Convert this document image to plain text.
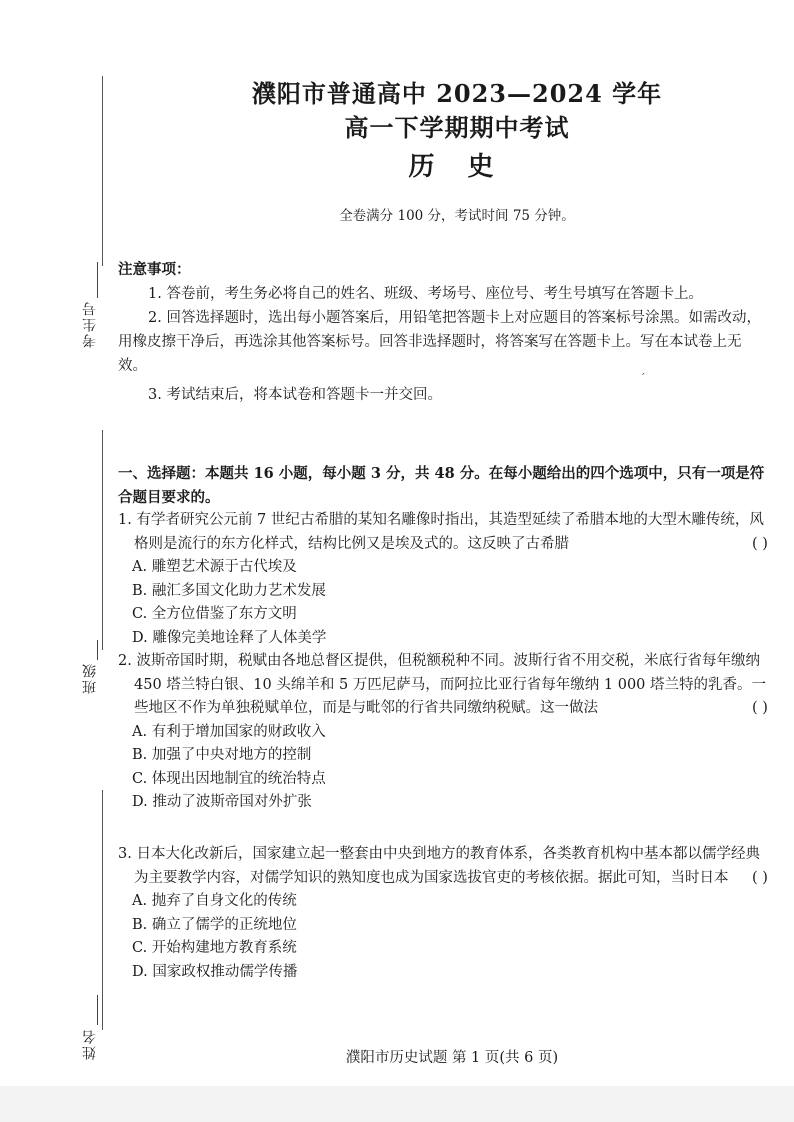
考生号
班级
姓名
濮阳市普通高中 2023—2024 学年
高一下学期期中考试
历 史
全卷满分 100 分，考试时间 75 分钟。
注意事项：

1. 答卷前，考生务必将自己的姓名、班级、考场号、座位号、考生号填写在答题卡上。

2. 回答选择题时，选出每小题答案后，用铅笔把答题卡上对应题目的答案标号涂黑。如需改动，用橡皮擦干净后，再选涂其他答案标号。回答非选择题时，将答案写在答题卡上。写在本试卷上无效。

3. 考试结束后，将本试卷和答题卡一并交回。

ˊ
一、选择题：本题共 16 小题，每小题 3 分，共 48 分。在每小题给出的四个选项中，只有一项是符合题目要求的。
1. 有学者研究公元前 7 世纪古希腊的某知名雕像时指出，其造型延续了希腊本地的大型木雕传统，风格则是流行的东方化样式，结构比例又是埃及式的。这反映了古希腊	( )
A. 雕塑艺术源于古代埃及
B. 融汇多国文化助力艺术发展
C. 全方位借鉴了东方文明
D. 雕像完美地诠释了人体美学
2. 波斯帝国时期，税赋由各地总督区提供，但税额税种不同。波斯行省不用交税，米底行省每年缴纳 450 塔兰特白银、10 头绵羊和 5 万匹尼萨马，而阿拉比亚行省每年缴纳 1 000 塔兰特的乳香。一些地区不作为单独税赋单位，而是与毗邻的行省共同缴纳税赋。这一做法	( )
A. 有利于增加国家的财政收入
B. 加强了中央对地方的控制
C. 体现出因地制宜的统治特点
D. 推动了波斯帝国对外扩张
3. 日本大化改新后，国家建立起一整套由中央到地方的教育体系，各类教育机构中基本都以儒学经典为主要教学内容，对儒学知识的熟知度也成为国家选拔官吏的考核依据。据此可知，当时日本 ( )
A. 抛弃了自身文化的传统
B. 确立了儒学的正统地位
C. 开始构建地方教育系统
D. 国家政权推动儒学传播
濮阳市历史试题 第 1 页(共 6 页)
